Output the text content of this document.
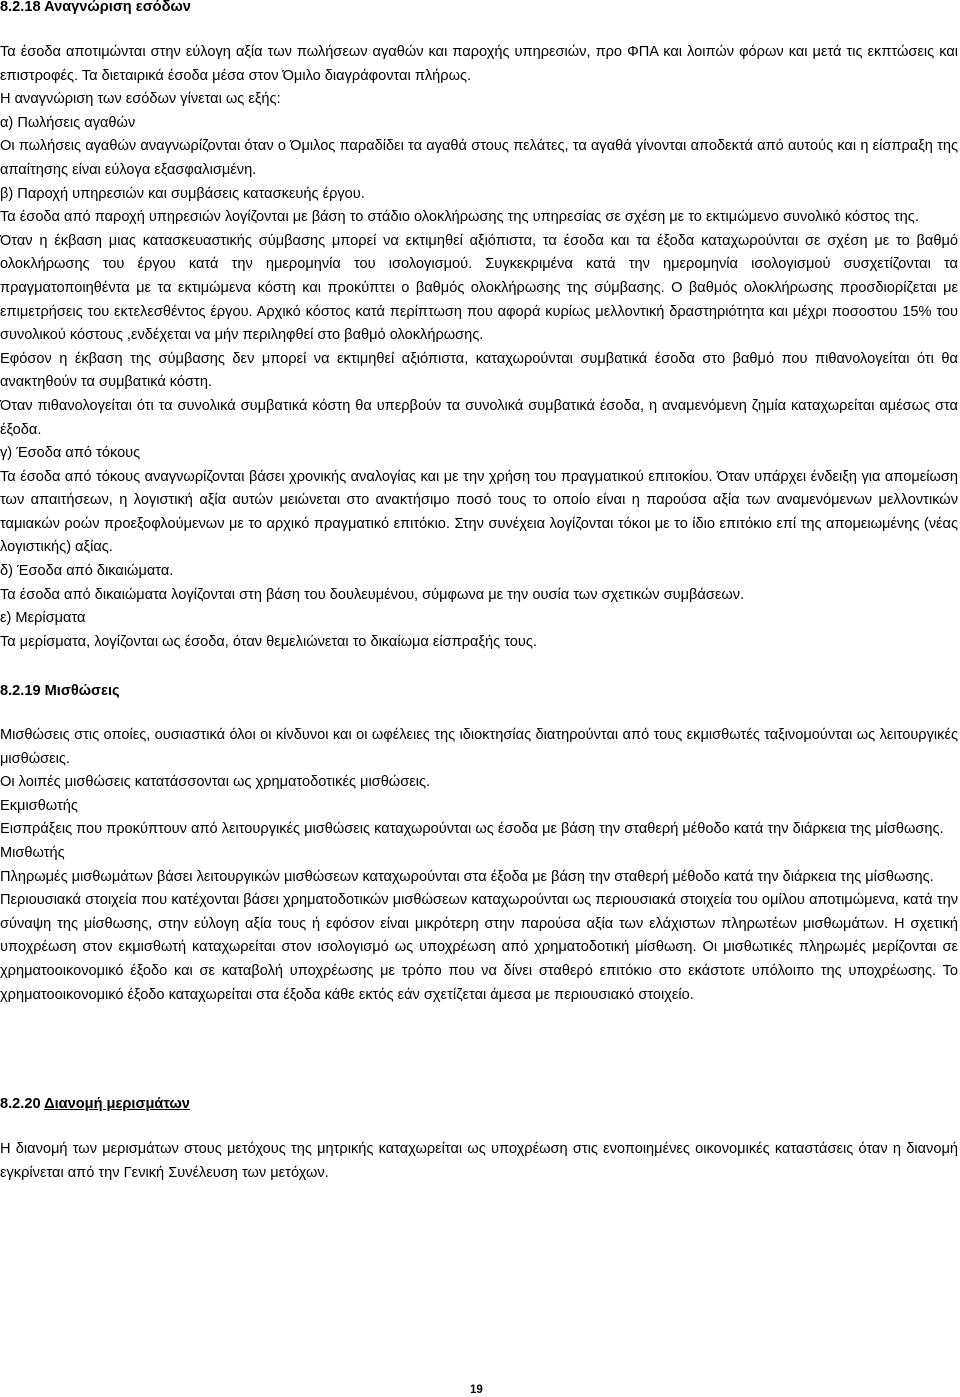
8.2.18 Αναγνώριση εσόδων

Τα έσοδα αποτιμώνται στην εύλογη αξία των πωλήσεων αγαθών και παροχής υπηρεσιών, προ ΦΠΑ και λοιπών φόρων και μετά τις εκπτώσεις και επιστροφές. Τα διεταιρικά έσοδα μέσα στον Όμιλο διαγράφονται πλήρως.

Η αναγνώριση των εσόδων γίνεται ως εξής:

α) Πωλήσεις αγαθών

Οι πωλήσεις αγαθών αναγνωρίζονται όταν ο Όμιλος παραδίδει τα αγαθά στους πελάτες, τα αγαθά γίνονται αποδεκτά από αυτούς και η είσπραξη της απαίτησης είναι εύλογα εξασφαλισμένη.

β) Παροχή υπηρεσιών και συμβάσεις κατασκευής έργου.

Τα έσοδα από παροχή υπηρεσιών λογίζονται με βάση το στάδιο ολοκλήρωσης της υπηρεσίας σε σχέση με το εκτιμώμενο συνολικό κόστος της.

Όταν η έκβαση μιας κατασκευαστικής σύμβασης μπορεί να εκτιμηθεί αξιόπιστα, τα έσοδα και τα έξοδα καταχωρούνται σε σχέση με το βαθμό ολοκλήρωσης του έργου κατά την ημερομηνία του ισολογισμού. Συγκεκριμένα κατά την ημερομηνία ισολογισμού συσχετίζονται τα πραγματοποιηθέντα με τα εκτιμώμενα κόστη και προκύπτει ο βαθμός ολοκλήρωσης της σύμβασης. Ο βαθμός ολοκλήρωσης προσδιορίζεται με επιμετρήσεις του εκτελεσθέντος έργου. Αρχικό κόστος κατά περίπτωση που αφορά κυρίως μελλοντική δραστηριότητα και μέχρι ποσοστου 15% του συνολικού κόστους ,ενδέχεται να μήν περιληφθεί στο βαθμό ολοκλήρωσης.

Εφόσον η έκβαση της σύμβασης δεν μπορεί να εκτιμηθεί αξιόπιστα, καταχωρούνται συμβατικά έσοδα στο βαθμό που πιθανολογείται ότι θα ανακτηθούν τα συμβατικά κόστη.

Όταν πιθανολογείται ότι τα συνολικά συμβατικά κόστη θα υπερβούν τα συνολικά συμβατικά έσοδα, η αναμενόμενη ζημία καταχωρείται αμέσως στα έξοδα.

γ) Έσοδα από τόκους

Τα έσοδα από τόκους αναγνωρίζονται βάσει χρονικής αναλογίας και με την χρήση του πραγματικού επιτοκίου. Όταν υπάρχει ένδειξη για απομείωση των απαιτήσεων, η λογιστική αξία αυτών μειώνεται στο ανακτήσιμο ποσό τους το οποίο είναι η παρούσα αξία των αναμενόμενων μελλοντικών ταμιακών ροών προεξοφλούμενων με το αρχικό πραγματικό επιτόκιο. Στην συνέχεια λογίζονται τόκοι με το ίδιο επιτόκιο επί της απομειωμένης (νέας λογιστικής) αξίας.

δ) Έσοδα από δικαιώματα.

Τα έσοδα από δικαιώματα λογίζονται στη βάση του δουλευμένου, σύμφωνα με την ουσία των σχετικών συμβάσεων.

ε) Μερίσματα

Τα μερίσματα, λογίζονται ως έσοδα, όταν θεμελιώνεται το δικαίωμα είσπραξής τους.

8.2.19 Μισθώσεις

Μισθώσεις στις οποίες, ουσιαστικά όλοι οι κίνδυνοι και οι ωφέλειες της ιδιοκτησίας διατηρούνται από τους εκμισθωτές ταξινομούνται ως λειτουργικές μισθώσεις.

Οι λοιπές μισθώσεις κατατάσσονται ως χρηματοδοτικές μισθώσεις.

Εκμισθωτής

Εισπράξεις που προκύπτουν από λειτουργικές μισθώσεις καταχωρούνται ως έσοδα με βάση την σταθερή μέθοδο κατά την διάρκεια της μίσθωσης.

Μισθωτής

Πληρωμές μισθωμάτων βάσει λειτουργικών μισθώσεων καταχωρούνται στα έξοδα με βάση την σταθερή μέθοδο κατά την διάρκεια της μίσθωσης.

Περιουσιακά στοιχεία που κατέχονται βάσει χρηματοδοτικών μισθώσεων καταχωρούνται ως περιουσιακά στοιχεία του ομίλου αποτιμώμενα, κατά την σύναψη της μίσθωσης, στην εύλογη αξία τους ή εφόσον είναι μικρότερη στην παρούσα αξία των ελάχιστων πληρωτέων μισθωμάτων. Η σχετική υποχρέωση στον εκμισθωτή καταχωρείται στον ισολογισμό ως υποχρέωση από χρηματοδοτική μίσθωση. Οι μισθωτικές πληρωμές μερίζονται σε χρηματοοικονομικό έξοδο και σε καταβολή υποχρέωσης με τρόπο που να δίνει σταθερό επιτόκιο στο εκάστοτε υπόλοιπο της υποχρέωσης. Το χρηματοοικονομικό έξοδο καταχωρείται στα έξοδα κάθε εκτός εάν σχετίζεται άμεσα με περιουσιακό στοιχείο.

8.2.20 Διανομή μερισμάτων

Η διανομή των μερισμάτων στους μετόχους της μητρικής καταχωρείται ως υποχρέωση στις ενοποιημένες οικονομικές καταστάσεις όταν η διανομή εγκρίνεται από την Γενική Συνέλευση των μετόχων.

19
